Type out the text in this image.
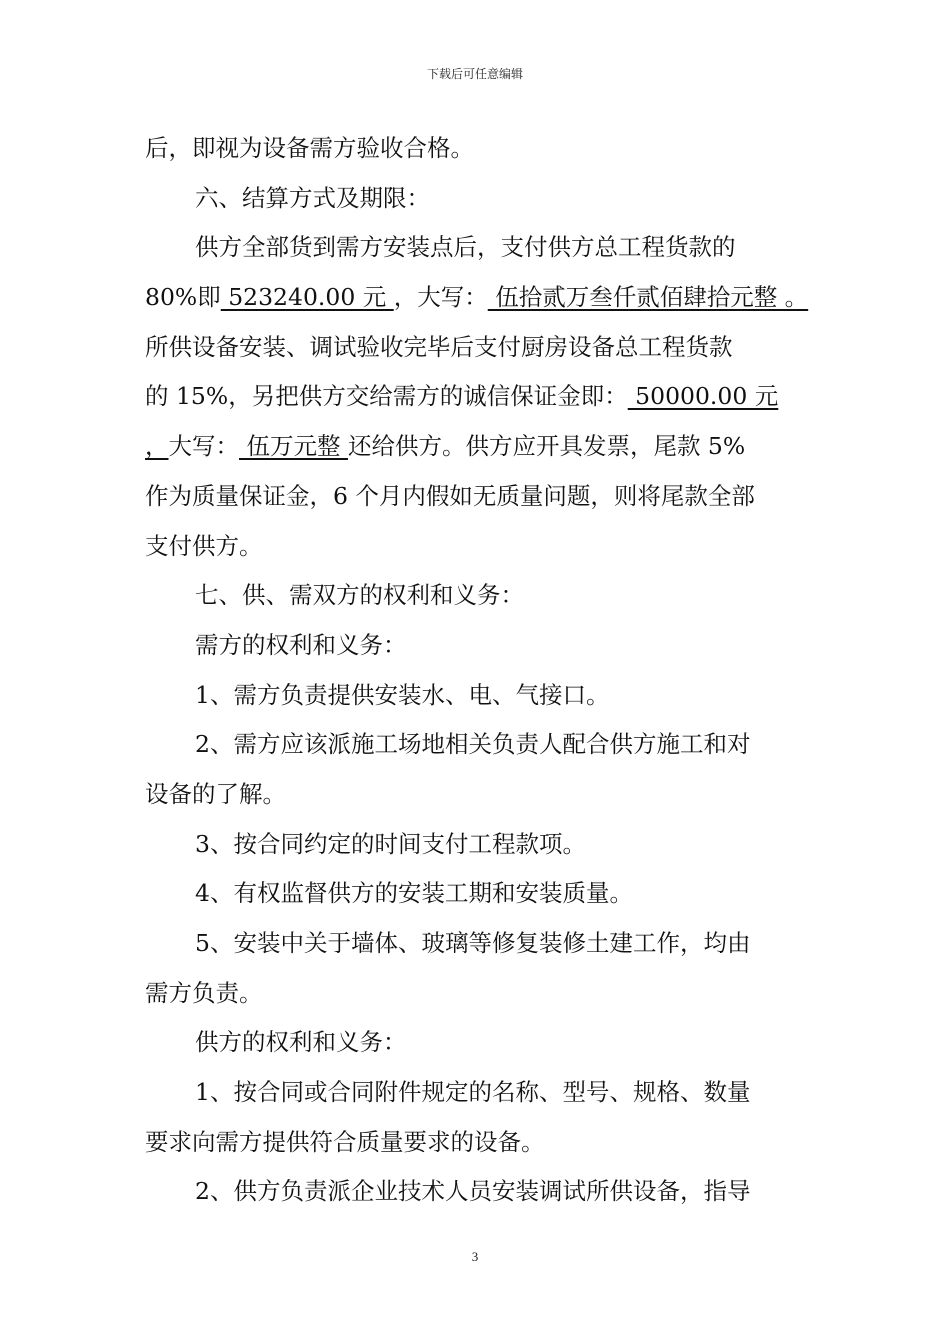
下载后可任意编辑
后，即视为设备需方验收合格。
六、结算方式及期限：
供方全部货到需方安装点后，支付供方总工程货款的
80%即 523240.00 元 ，大写： 伍拾贰万叁仟贰佰肆拾元整 。
所供设备安装、调试验收完毕后支付厨房设备总工程货款
的 15%，另把供方交给需方的诚信保证金即： 50000.00 元
，大写： 伍万元整 还给供方。供方应开具发票，尾款 5%
作为质量保证金，6 个月内假如无质量问题，则将尾款全部
支付供方。
七、供、需双方的权利和义务：
需方的权利和义务：
1、需方负责提供安装水、电、气接口。
2、需方应该派施工场地相关负责人配合供方施工和对
设备的了解。
3、按合同约定的时间支付工程款项。
4、有权监督供方的安装工期和安装质量。
5、安装中关于墙体、玻璃等修复装修土建工作，均由
需方负责。
供方的权利和义务：
1、按合同或合同附件规定的名称、型号、规格、数量
要求向需方提供符合质量要求的设备。
2、供方负责派企业技术人员安装调试所供设备，指导
3
